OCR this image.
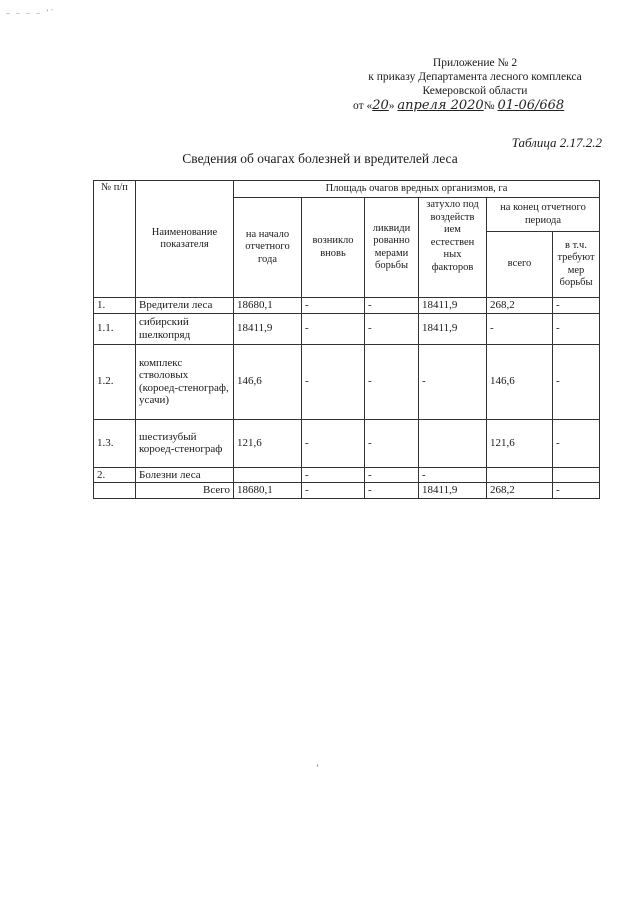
– – – – ʼ´
Приложение № 2
к приказу Департамента лесного комплекса
Кемеровской области
от «20» апреля 2020№ 01-06/668
Таблица 2.17.2.2
Сведения об очагах болезней и вредителей леса
№ п/п	Наименование показателя	Площадь очагов вредных организмов, га					
		на начало отчетного года	возникло вновь	ликвиди рованно мерами борьбы	затухло под воздейств ием естествен ных факторов	на конец отчетного периода	
						всего	в т.ч. требуют мер борьбы
1.	Вредители леса	18680,1	-	-	18411,9	268,2	-
1.1.	сибирский шелкопряд	18411,9	-	-	18411,9	-	-
1.2.	комплекс стволовых (короед-стенограф, усачи)	146,6	-	-	-	146,6	-
1.3.	шестизубый короед-стенограф	121,6	-	-		121,6	-
2.	Болезни леса		-	-	-		
	Всего	18680,1	-	-	18411,9	268,2	-
’
